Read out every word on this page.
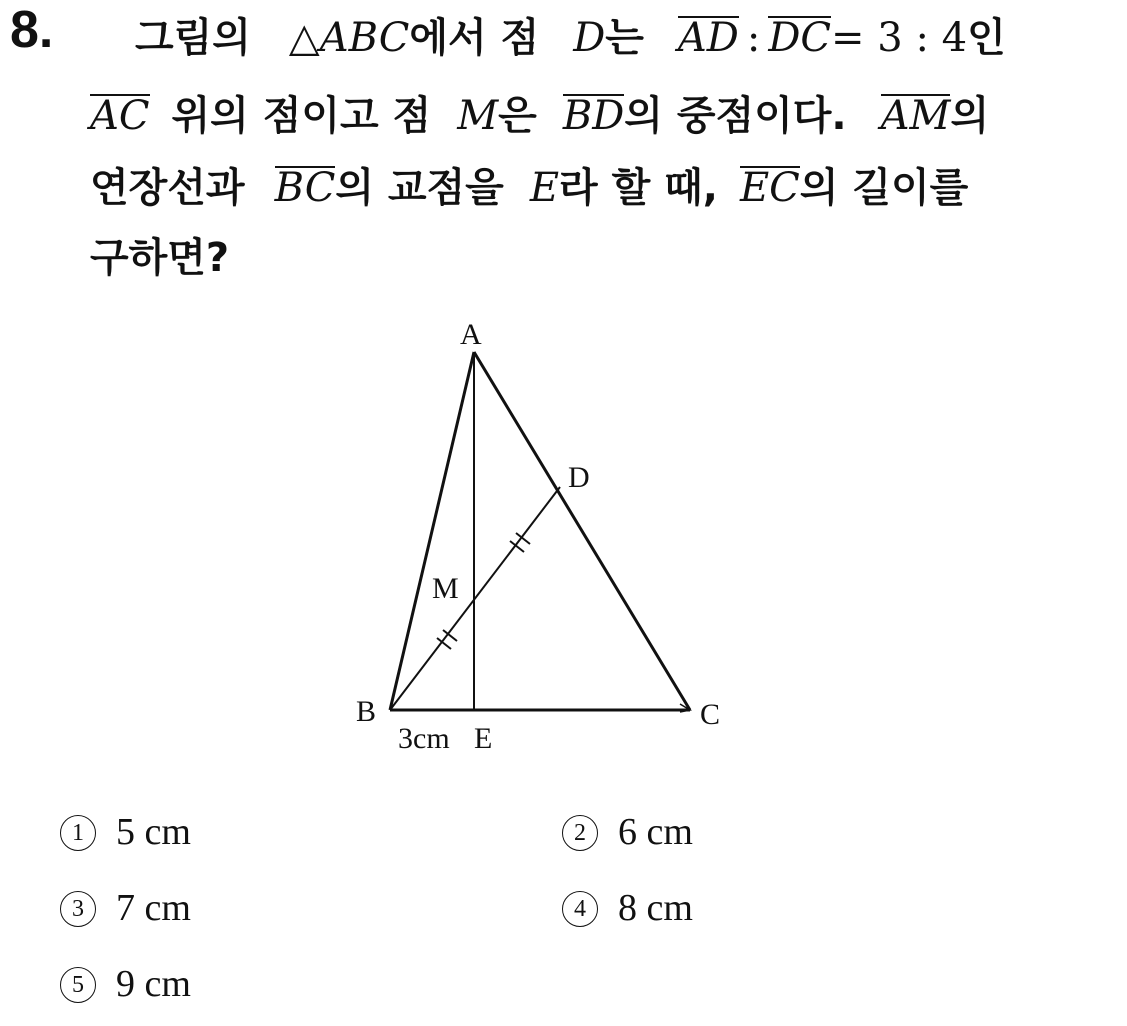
8. 그림의 △ABC에서 점 D는 AD : DC= 3 : 4인
AC 위의 점이고 점 M은 BD의 중점이다. AM의
연장선과 BC의 교점을 E라 할 때, EC의 길이를
구하면?
A
B	C
D
M
E
3cm
1 5 cm	2 6 cm
3 7 cm	4 8 cm
5 9 cm
